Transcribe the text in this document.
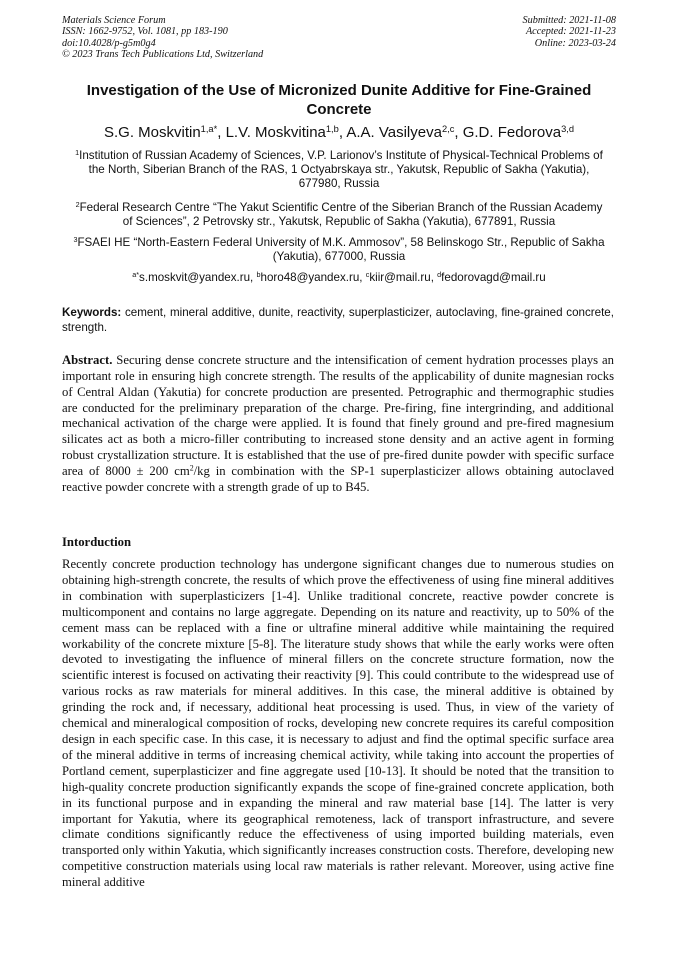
Materials Science Forum
ISSN: 1662-9752, Vol. 1081, pp 183-190
doi:10.4028/p-g5m0g4
© 2023 Trans Tech Publications Ltd, Switzerland
Submitted: 2021-11-08
Accepted: 2021-11-23
Online: 2023-03-24
Investigation of the Use of Micronized Dunite Additive for Fine-Grained Concrete
S.G. Moskvitin$^{1,a*}$, L.V. Moskvitina$^{1,b}$, A.A. Vasilyeva$^{2,c}$, G.D. Fedorova$^{3,d}$
$^1$Institution of Russian Academy of Sciences, V.P. Larionov’s Institute of Physical-Technical Problems of the North, Siberian Branch of the RAS, 1 Octyabrskaya str., Yakutsk, Republic of Sakha (Yakutia), 677980, Russia
$^2$Federal Research Centre “The Yakut Scientific Centre of the Siberian Branch of the Russian Academy of Sciences”, 2 Petrovsky str., Yakutsk, Republic of Sakha (Yakutia), 677891, Russia
$^3$FSAEI HE “North-Eastern Federal University of M.K. Ammosov”, 58 Belinskogo Str., Republic of Sakha (Yakutia), 677000, Russia
$^{a*}$s.moskvit@yandex.ru, $^b$horo48@yandex.ru, $^c$kiir@mail.ru, $^d$fedorovagd@mail.ru
Keywords: cement, mineral additive, dunite, reactivity, superplasticizer, autoclaving, fine-grained concrete, strength.
Abstract. Securing dense concrete structure and the intensification of cement hydration processes plays an important role in ensuring high concrete strength. The results of the applicability of dunite magnesian rocks of Central Aldan (Yakutia) for concrete production are presented. Petrographic and thermographic studies are conducted for the preliminary preparation of the charge. Pre-firing, fine intergrinding, and additional mechanical activation of the charge were applied. It is found that finely ground and pre-fired magnesium silicates act as both a micro-filler contributing to increased stone density and an active agent in forming robust crystallization structure. It is established that the use of pre-fired dunite powder with specific surface area of 8000 ± 200 $cm^2/kg$ in combination with the SP-1 superplasticizer allows obtaining autoclaved reactive powder concrete with a strength grade of up to B45.
Intorduction
Recently concrete production technology has undergone significant changes due to numerous studies on obtaining high-strength concrete, the results of which prove the effectiveness of using fine mineral additives in combination with superplasticizers [1-4]. Unlike traditional concrete, reactive powder concrete is multicomponent and contains no large aggregate. Depending on its nature and reactivity, up to 50% of the cement mass can be replaced with a fine or ultrafine mineral additive while maintaining the required workability of the concrete mixture [5-8]. The literature study shows that while the early works were often devoted to investigating the influence of mineral fillers on the concrete structure formation, now the scientific interest is focused on activating their reactivity [9]. This could contribute to the widespread use of various rocks as raw materials for mineral additives. In this case, the mineral additive is obtained by grinding the rock and, if necessary, additional heat processing is used. Thus, in view of the variety of chemical and mineralogical composition of rocks, developing new concrete requires its careful composition design in each specific case. In this case, it is necessary to adjust and find the optimal specific surface area of the mineral additive in terms of increasing chemical activity, while taking into account the properties of Portland cement, superplasticizer and fine aggregate used [10-13]. It should be noted that the transition to high-quality concrete production significantly expands the scope of fine-grained concrete application, both in its functional purpose and in expanding the mineral and raw material base [14]. The latter is very important for Yakutia, where its geographical remoteness, lack of transport infrastructure, and severe climate conditions significantly reduce the effectiveness of using imported building materials, even transported only within Yakutia, which significantly increases construction costs. Therefore, developing new competitive construction materials using local raw materials is rather relevant. Moreover, using active fine mineral additive
